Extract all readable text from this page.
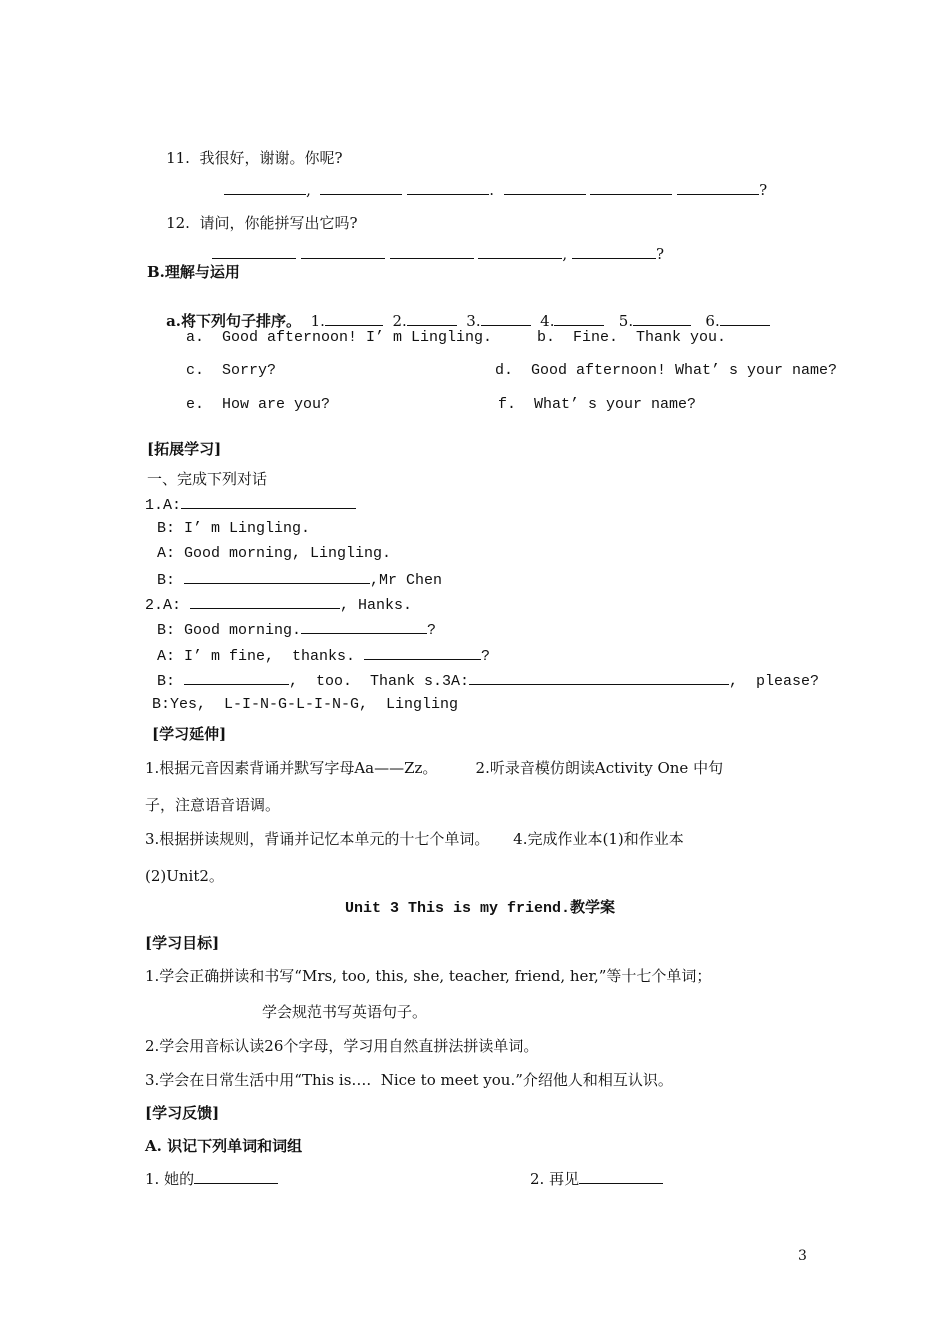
11. 我很好，谢谢。你呢?

,	.	?

12. 请问，你能拼写出它吗?

,	?

B.理解与运用

a.将下列句子排序。 1.	2.	3.	4.	5.	6.

a.  Good afternoon! I’ m Lingling.	b.  Fine.  Thank you.
c.  Sorry?	d.  Good afternoon! What’ s your name?
e.  How are you?	f.  What’ s your name?
[拓展学习]
一、完成下列对话
1.A:
B: I’ m Lingling.
A: Good morning, Lingling.
B:	,Mr Chen
2.A:	, Hanks.
B: Good morning.	?
A: I’ m fine,  thanks.	?
B:	,  too.  Thank s.3A:	,  please?
B:Yes,  L-I-N-G-L-I-N-G,  Lingling
[学习延伸]
1.根据元音因素背诵并默写字母Aa——Zz。        2.听录音模仿朗读Activity One 中句
子，注意语音语调。
3.根据拼读规则，背诵并记忆本单元的十七个单词。     4.完成作业本(1)和作业本
(2)Unit2。
Unit 3 This is my friend.教学案
[学习目标]
1.学会正确拼读和书写“Mrs, too, this, she, teacher, friend, her,”等十七个单词；
学会规范书写英语句子。
2.学会用音标认读26个字母，学习用自然直拼法拼读单词。
3.学会在日常生活中用“This is….  Nice to meet you.”介绍他人和相互认识。
[学习反馈]
A. 识记下列单词和词组
1. 她的	2. 再见
3
